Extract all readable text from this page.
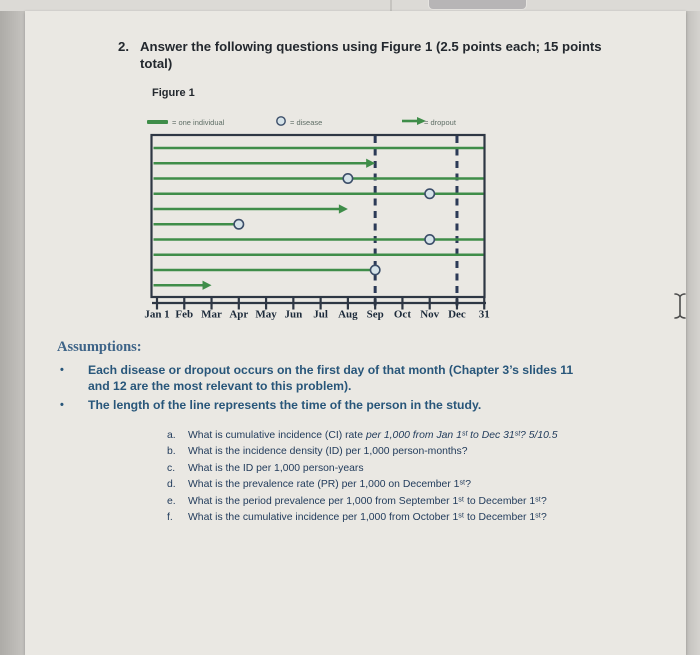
Jan 1 Feb Mar Apr May Jun Jul Aug Sep Oct Nov Dec 31
2. Answer the following questions using Figure 1 (2.5 points each; 15 points total)
Figure 1
= one individual	= disease	= dropout
Assumptions:
•	Each disease or dropout occurs on the first day of that month (Chapter 3’s slides 11 and 12 are the most relevant to this problem).
•	The length of the line represents the time of the person in the study.
a.	What is cumulative incidence (CI) rate per 1,000 from Jan 1ˢᵗ to Dec 31ˢᵗ? 5/10.5
b.	What is the incidence density (ID) per 1,000 person-months?
c.	What is the ID per 1,000 person-years
d.	What is the prevalence rate (PR) per 1,000 on December 1ˢᵗ?
e.	What is the period prevalence per 1,000 from September 1ˢᵗ to December 1ˢᵗ?
f.	What is the cumulative incidence per 1,000 from October 1ˢᵗ to December 1ˢᵗ?
